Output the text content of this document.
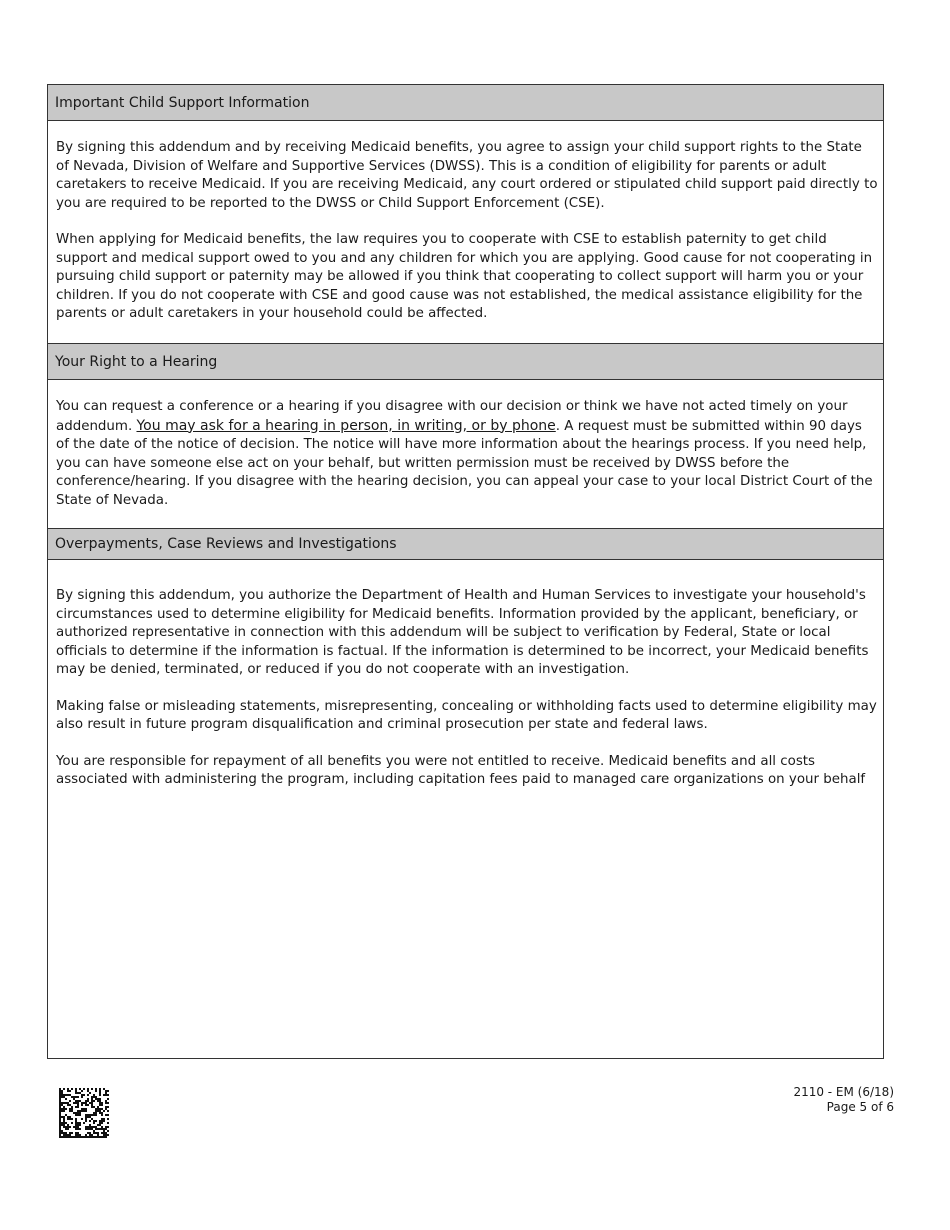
Important Child Support Information

By signing this addendum and by receiving Medicaid benefits, you agree to assign your child support rights to the State of Nevada, Division of Welfare and Supportive Services (DWSS). This is a condition of eligibility for parents or adult caretakers to receive Medicaid. If you are receiving Medicaid, any court ordered or stipulated child support paid directly to you are required to be reported to the DWSS or Child Support Enforcement (CSE).

When applying for Medicaid benefits, the law requires you to cooperate with CSE to establish paternity to get child support and medical support owed to you and any children for which you are applying. Good cause for not cooperating in pursuing child support or paternity may be allowed if you think that cooperating to collect support will harm you or your children. If you do not cooperate with CSE and good cause was not established, the medical assistance eligibility for the parents or adult caretakers in your household could be affected.

Your Right to a Hearing

You can request a conference or a hearing if you disagree with our decision or think we have not acted timely on your addendum. You may ask for a hearing in person, in writing, or by phone. A request must be submitted within 90 days of the date of the notice of decision. The notice will have more information about the hearings process. If you need help, you can have someone else act on your behalf, but written permission must be received by DWSS before the conference/hearing. If you disagree with the hearing decision, you can appeal your case to your local District Court of the State of Nevada.

Overpayments, Case Reviews and Investigations

By signing this addendum, you authorize the Department of Health and Human Services to investigate your household's circumstances used to determine eligibility for Medicaid benefits. Information provided by the applicant, beneficiary, or authorized representative in connection with this addendum will be subject to verification by Federal, State or local officials to determine if the information is factual. If the information is determined to be incorrect, your Medicaid benefits may be denied, terminated, or reduced if you do not cooperate with an investigation.

Making false or misleading statements, misrepresenting, concealing or withholding facts used to determine eligibility may also result in future program disqualification and criminal prosecution per state and federal laws.

You are responsible for repayment of all benefits you were not entitled to receive. Medicaid benefits and all costs associated with administering the program, including capitation fees paid to managed care organizations on your behalf

2110 - EM (6/18)
Page 5 of 6
